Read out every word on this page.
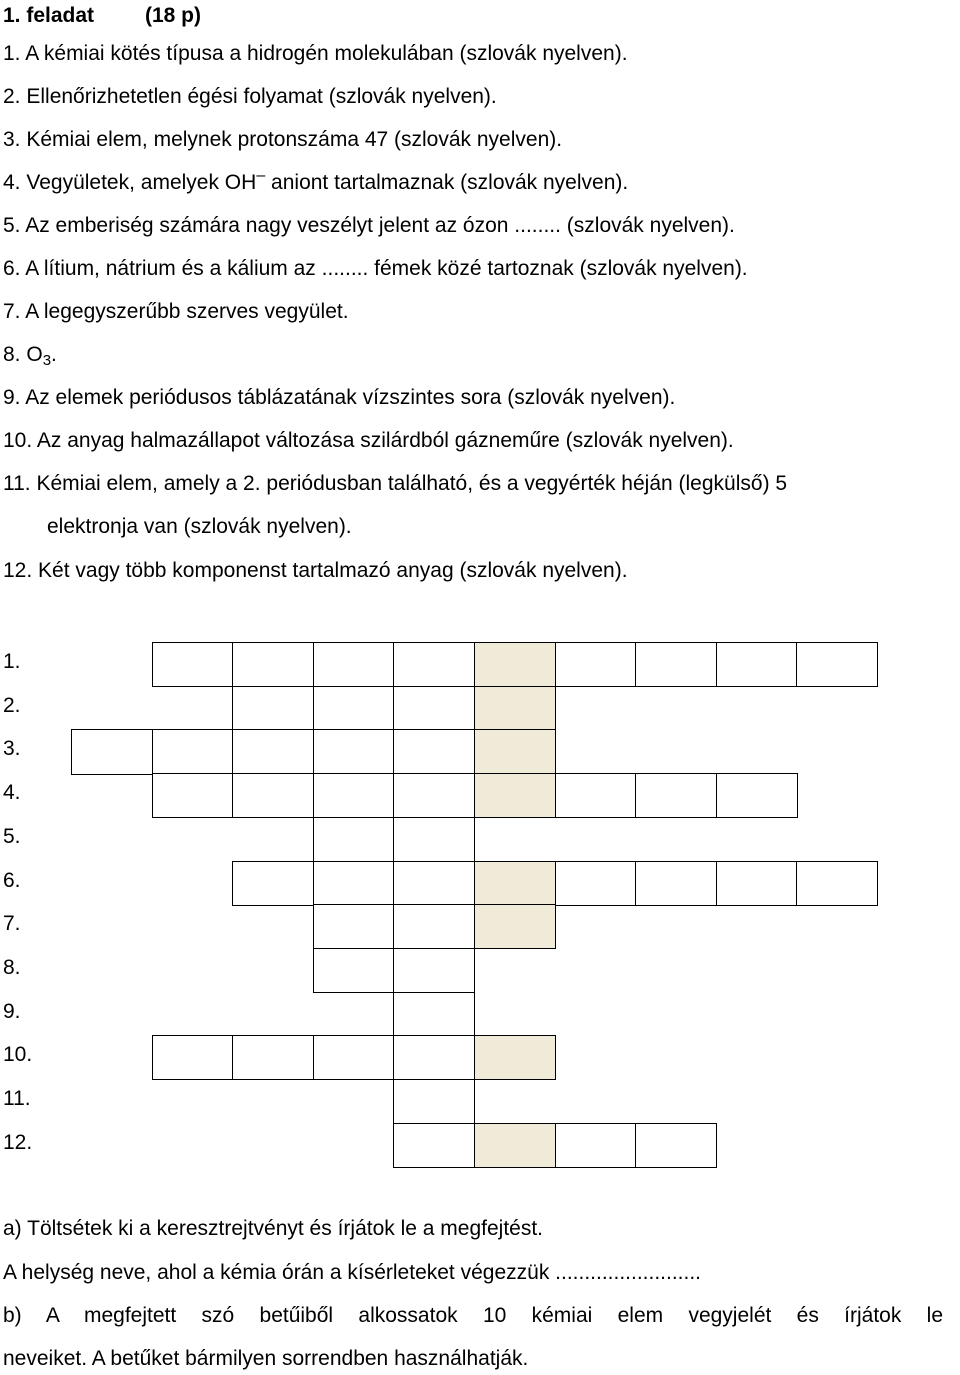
1. feladat (18 p)
1. A kémiai kötés típusa a hidrogén molekulában (szlovák nyelven).
2. Ellenőrizhetetlen égési folyamat (szlovák nyelven).
3. Kémiai elem, melynek protonszáma 47 (szlovák nyelven).
4. Vegyületek, amelyek OH– aniont tartalmaznak (szlovák nyelven).
5. Az emberiség számára nagy veszélyt jelent az ózon ........ (szlovák nyelven).
6. A lítium, nátrium és a kálium az ........ fémek közé tartoznak (szlovák nyelven).
7. A legegyszerűbb szerves vegyület.
8. O3.
9. Az elemek periódusos táblázatának vízszintes sora (szlovák nyelven).
10. Az anyag halmazállapot változása szilárdból gázneműre (szlovák nyelven).
11. Kémiai elem, amely a 2. periódusban található, és a vegyérték héján (legkülső) 5
elektronja van (szlovák nyelven).
12. Két vagy több komponenst tartalmazó anyag (szlovák nyelven).
1.
2.
3.
4.
5.
6.
7.
8.
9.
10.
11.
12.
a) Töltsétek ki a keresztrejtvényt és írjátok le a megfejtést.
A helység neve, ahol a kémia órán a kísérleteket végezzük .........................
b) A megfejtett szó betűiből alkossatok 10 kémiai elem vegyjelét és írjátok le
neveiket. A betűket bármilyen sorrendben használhatják.
